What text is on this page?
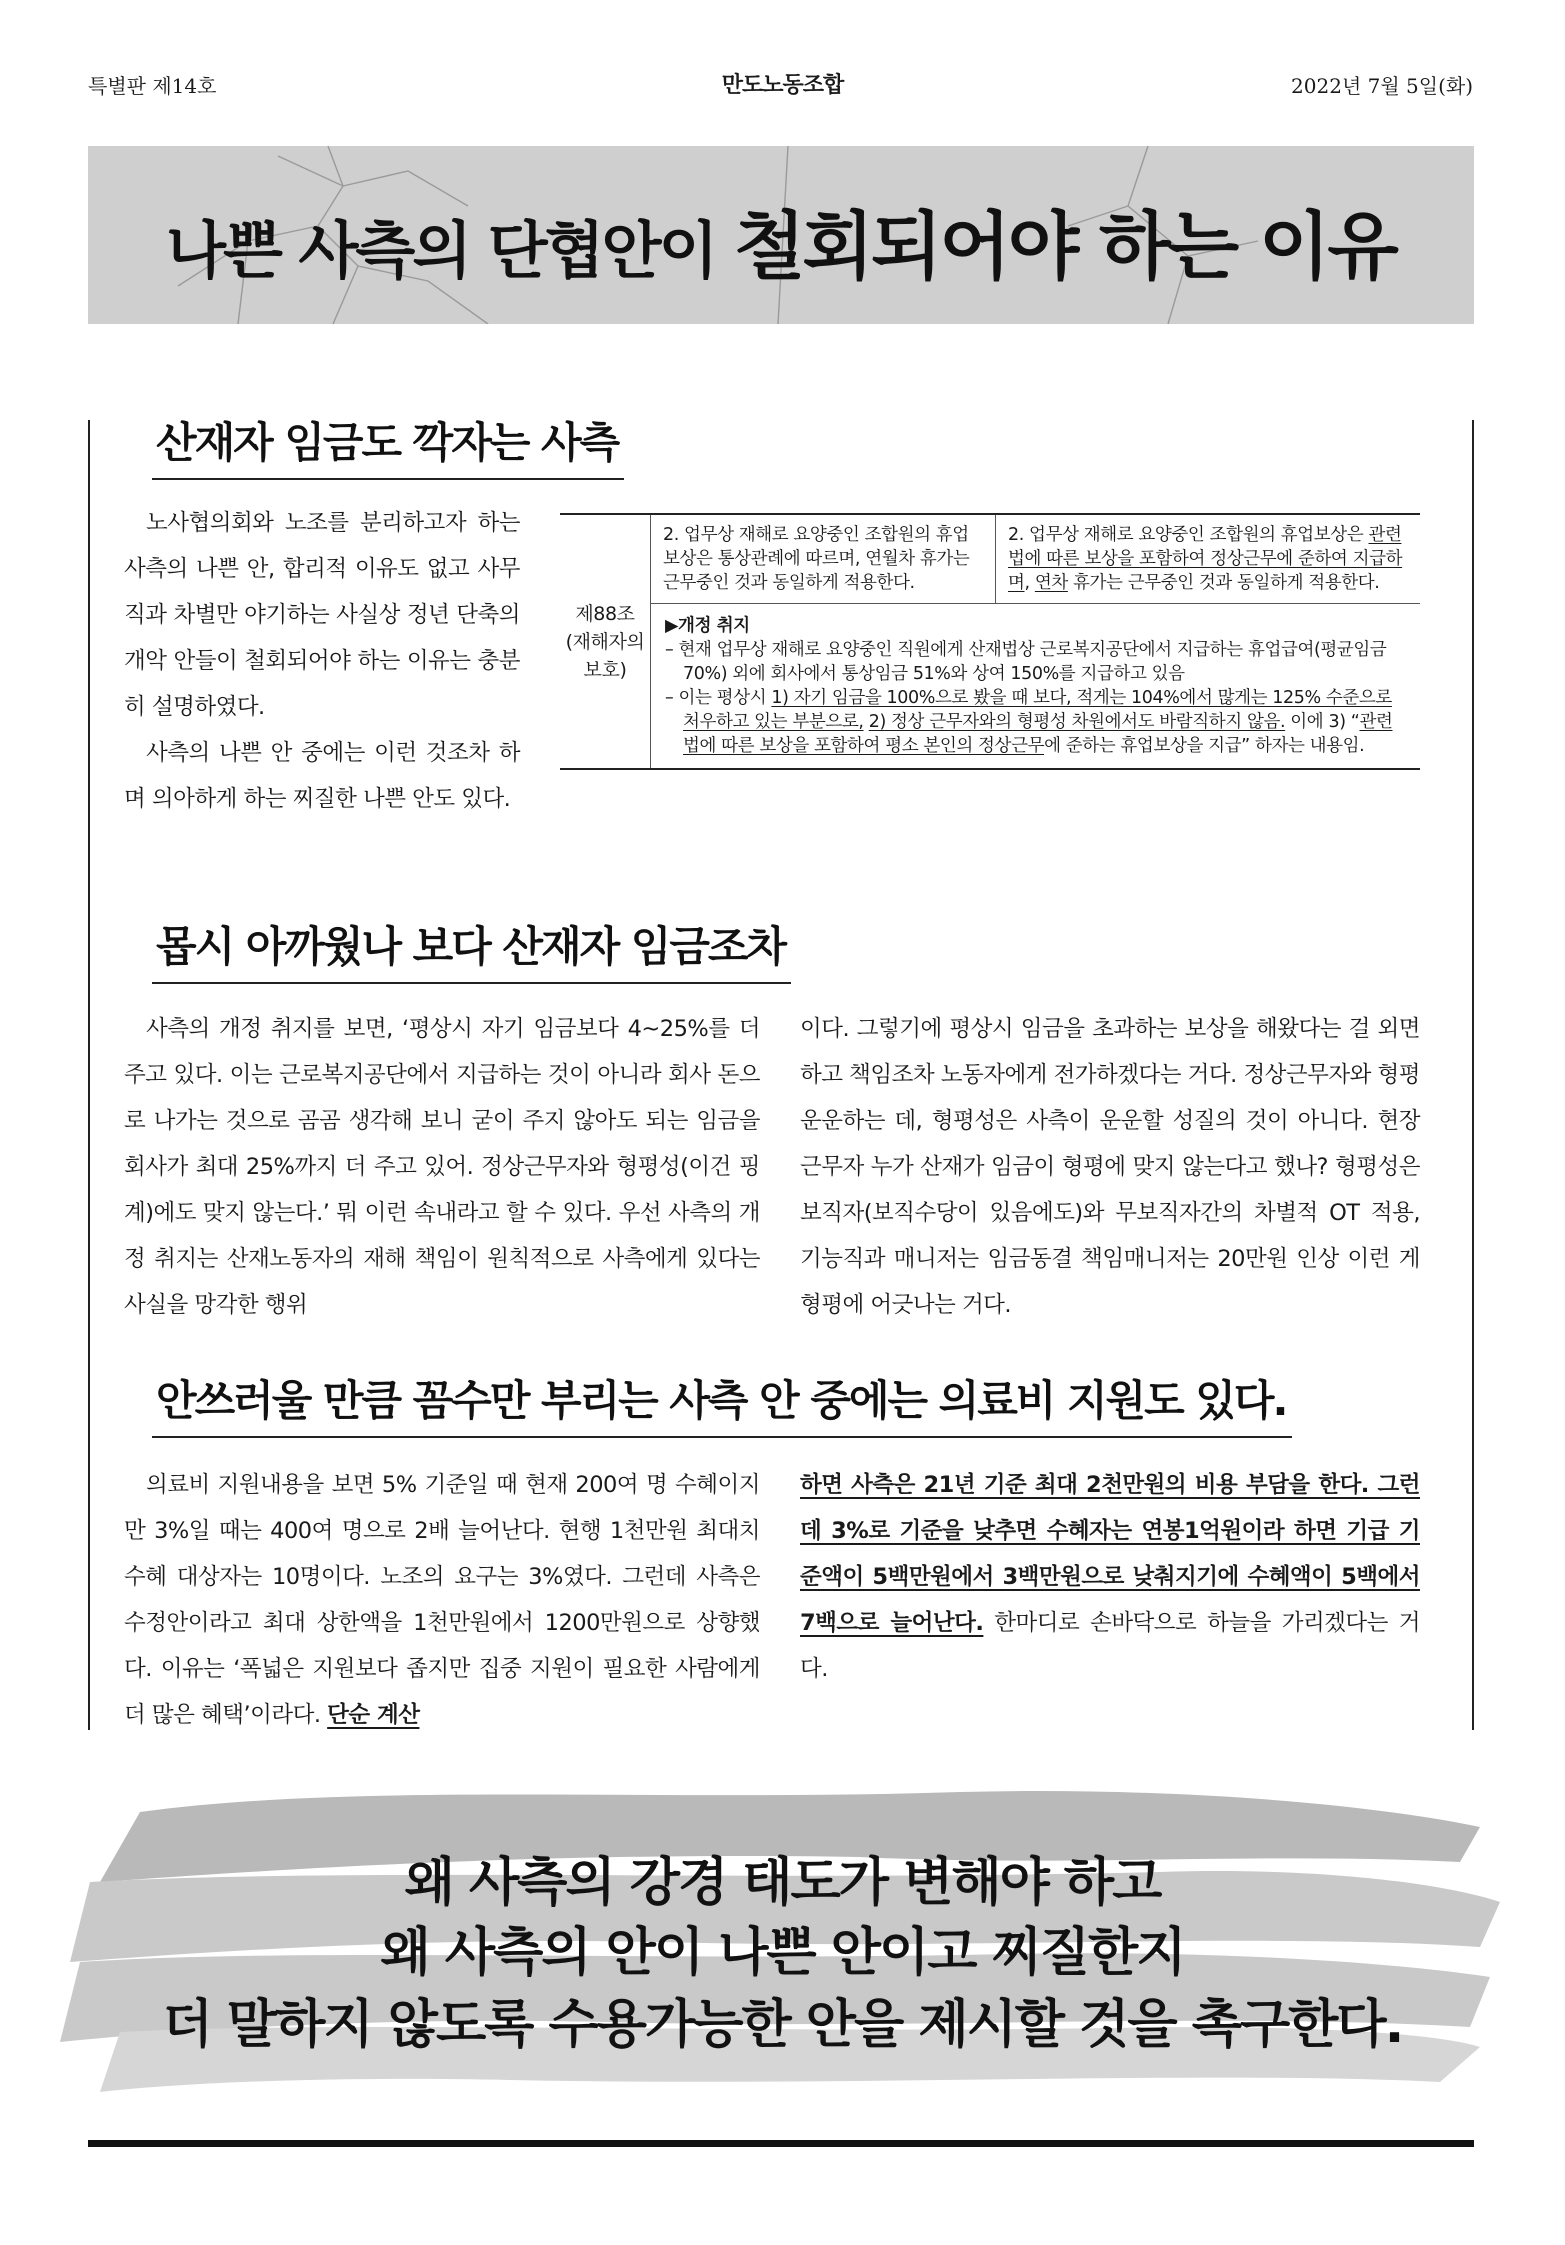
특별판 제14호	만도노동조합	2022년 7월 5일(화)
나쁜 사측의 단협안이 철회되어야 하는 이유
산재자 임금도 깍자는 사측
노사협의회와 노조를 분리하고자 하는 사측의 나쁜 안, 합리적 이유도 없고 사무직과 차별만 야기하는 사실상 정년 단축의 개악 안들이 철회되어야 하는 이유는 충분히 설명하였다.
사측의 나쁜 안 중에는 이런 것조차 하며 의아하게 하는 찌질한 나쁜 안도 있다.
제88조
(재해자의
보호)	2. 업무상 재해로 요양중인 조합원의 휴업보상은 통상관례에 따르며, 연월차 휴가는 근무중인 것과 동일하게 적용한다.	2. 업무상 재해로 요양중인 조합원의 휴업보상은 관련법에 따른 보상을 포함하여 정상근무에 준하여 지급하며, 연차 휴가는 근무중인 것과 동일하게 적용한다.

▶개정 취지
– 현재 업무상 재해로 요양중인 직원에게 산재법상 근로복지공단에서 지급하는 휴업급여(평균임금 70%) 외에 회사에서 통상임금 51%와 상여 150%를 지급하고 있음
– 이는 평상시 1) 자기 임금을 100%으로 봤을 때 보다, 적게는 104%에서 많게는 125% 수준으로 처우하고 있는 부분으로, 2) 정상 근무자와의 형평성 차원에서도 바람직하지 않음. 이에 3) “관련법에 따른 보상을 포함하여 평소 본인의 정상근무에 준하는 휴업보상을 지급” 하자는 내용임.
몹시 아까웠나 보다 산재자 임금조차
사측의 개정 취지를 보면, ‘평상시 자기 임금보다 4~25%를 더 주고 있다. 이는 근로복지공단에서 지급하는 것이 아니라 회사 돈으로 나가는 것으로 곰곰 생각해 보니 굳이 주지 않아도 되는 임금을 회사가 최대 25%까지 더 주고 있어. 정상근무자와 형평성(이건 핑계)에도 맞지 않는다.’ 뭐 이런 속내라고 할 수 있다. 우선 사측의 개정 취지는 산재노동자의 재해 책임이 원칙적으로 사측에게 있다는 사실을 망각한 행위
이다. 그렇기에 평상시 임금을 초과하는 보상을 해왔다는 걸 외면하고 책임조차 노동자에게 전가하겠다는 거다. 정상근무자와 형평 운운하는 데, 형평성은 사측이 운운할 성질의 것이 아니다. 현장 근무자 누가 산재가 임금이 형평에 맞지 않는다고 했나? 형평성은 보직자(보직수당이 있음에도)와 무보직자간의 차별적 OT 적용, 기능직과 매니저는 임금동결 책임매니저는 20만원 인상 이런 게 형평에 어긋나는 거다.
안쓰러울 만큼 꼼수만 부리는 사측 안 중에는 의료비 지원도 있다.
의료비 지원내용을 보면 5% 기준일 때 현재 200여 명 수혜이지만 3%일 때는 400여 명으로 2배 늘어난다. 현행 1천만원 최대치 수혜 대상자는 10명이다. 노조의 요구는 3%였다. 그런데 사측은 수정안이라고 최대 상한액을 1천만원에서 1200만원으로 상향했다. 이유는 ‘폭넓은 지원보다 좁지만 집중 지원이 필요한 사람에게 더 많은 혜택’이라다. 단순 계산
하면 사측은 21년 기준 최대 2천만원의 비용 부담을 한다. 그런데 3%로 기준을 낮추면 수혜자는 연봉1억원이라 하면 기급 기준액이 5백만원에서 3백만원으로 낮춰지기에 수혜액이 5백에서 7백으로 늘어난다. 한마디로 손바닥으로 하늘을 가리겠다는 거다.
왜 사측의 강경 태도가 변해야 하고
왜 사측의 안이 나쁜 안이고 찌질한지
더 말하지 않도록 수용가능한 안을 제시할 것을 촉구한다.
